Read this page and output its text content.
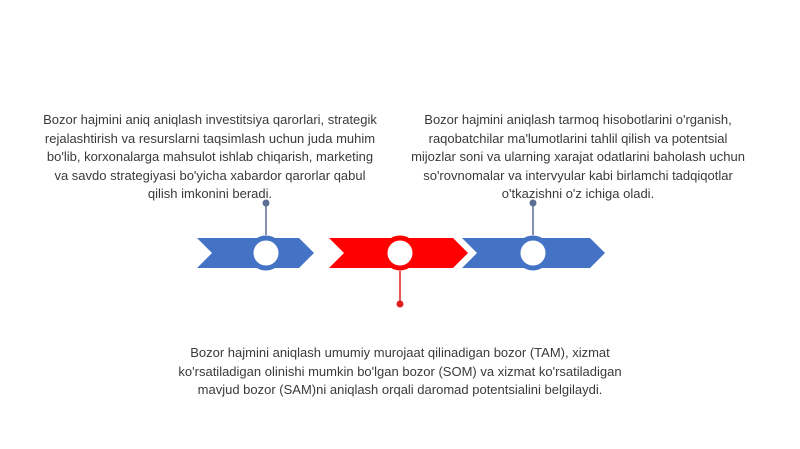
Bozor hajmini aniq aniqlash investitsiya qarorlari, strategik rejalashtirish va resurslarni taqsimlash uchun juda muhim bo'lib, korxonalarga mahsulot ishlab chiqarish, marketing va savdo strategiyasi bo'yicha xabardor qarorlar qabul qilish imkonini beradi.
Bozor hajmini aniqlash tarmoq hisobotlarini o'rganish, raqobatchilar ma'lumotlarini tahlil qilish va potentsial mijozlar soni va ularning xarajat odatlarini baholash uchun so'rovnomalar va intervyular kabi birlamchi tadqiqotlar o'tkazishni o'z ichiga oladi.
Bozor hajmini aniqlash umumiy murojaat qilinadigan bozor (TAM), xizmat ko'rsatiladigan olinishi mumkin bo'lgan bozor (SOM) va xizmat ko'rsatiladigan mavjud bozor (SAM)ni aniqlash orqali daromad potentsialini belgilaydi.
